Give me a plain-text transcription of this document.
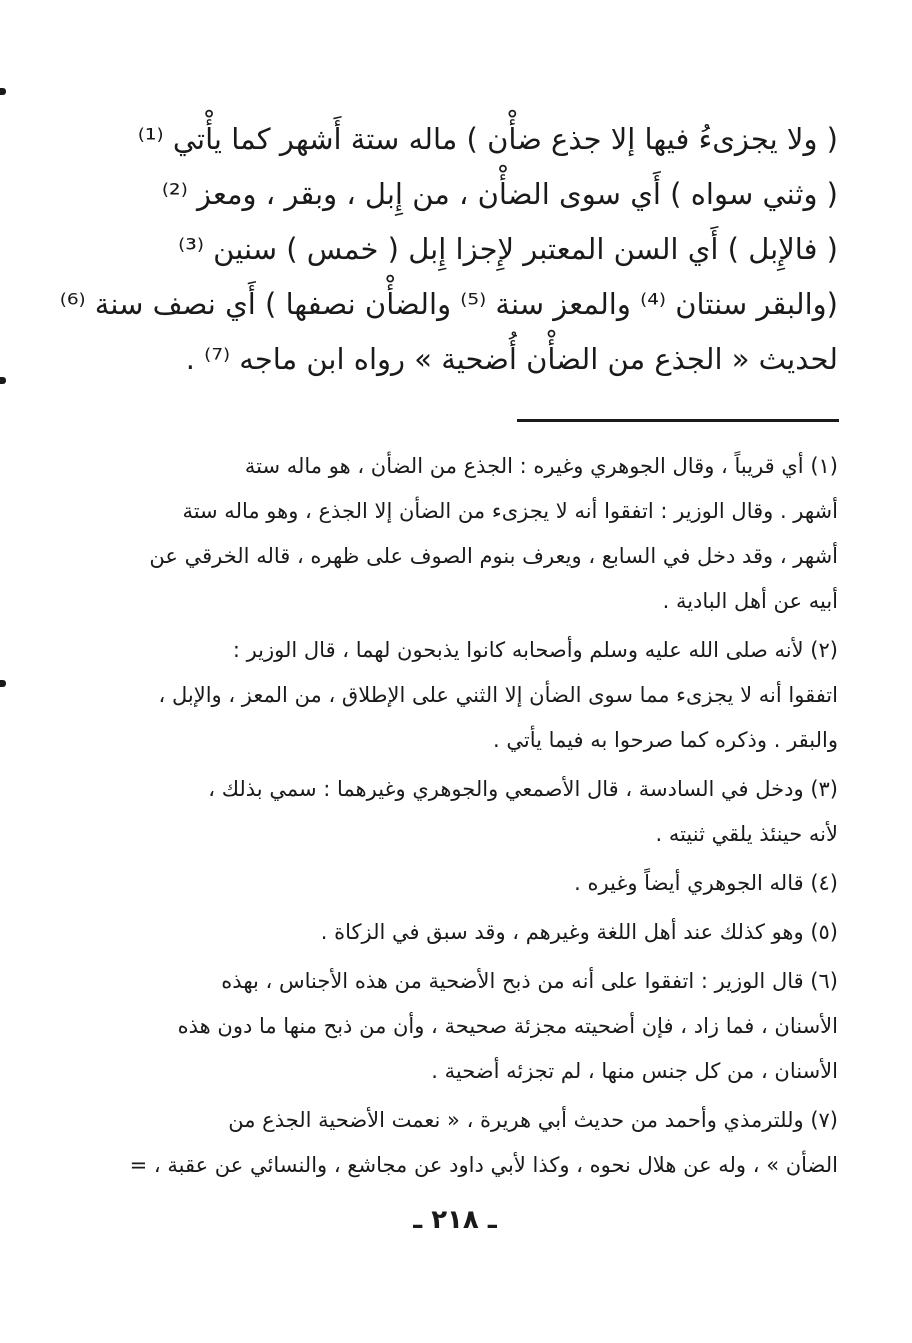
( ولا يجزىءُ فيها إلا جذع ضأْن ) ماله ستة أَشهر كما يأْتي ⁽¹⁾
( وثني سواه ) أَي سوى الضأْن ، من إِبل ، وبقر ، ومعز ⁽²⁾
( فالإِبل ) أَي السن المعتبر لإِجزا إِبل ( خمس ) سنين ⁽³⁾
(والبقر سنتان ⁽⁴⁾ والمعز سنة ⁽⁵⁾ والضأْن نصفها ) أَي نصف سنة ⁽⁶⁾
لحديث « الجذع من الضأْن أُضحية » رواه ابن ماجه ⁽⁷⁾ .
(١) أي قريباً ، وقال الجوهري وغيره : الجذع من الضأن ، هو ماله ستة
أشهر . وقال الوزير : اتفقوا أنه لا يجزىء من الضأن إلا الجذع ، وهو ماله ستة
أشهر ، وقد دخل في السابع ، ويعرف بنوم الصوف على ظهره ، قاله الخرقي عن
أبيه عن أهل البادية .
(٢) لأنه صلى الله عليه وسلم وأصحابه كانوا يذبحون لهما ، قال الوزير :
اتفقوا أنه لا يجزىء مما سوى الضأن إلا الثني على الإطلاق ، من المعز ، والإبل ،
والبقر . وذكره كما صرحوا به فيما يأتي .
(٣) ودخل في السادسة ، قال الأصمعي والجوهري وغيرهما : سمي بذلك ،
لأنه حينئذ يلقي ثنيته .
(٤) قاله الجوهري أيضاً وغيره .
(٥) وهو كذلك عند أهل اللغة وغيرهم ، وقد سبق في الزكاة .
(٦) قال الوزير : اتفقوا على أنه من ذبح الأضحية من هذه الأجناس ، بهذه
الأسنان ، فما زاد ، فإن أضحيته مجزئة صحيحة ، وأن من ذبح منها ما دون هذه
الأسنان ، من كل جنس منها ، لم تجزئه أضحية .
(٧) وللترمذي وأحمد من حديث أبي هريرة ، « نعمت الأضحية الجذع من
الضأن » ، وله عن هلال نحوه ، وكذا لأبي داود عن مجاشع ، والنسائي عن عقبة ، =
ـ ٢١٨ ـ
